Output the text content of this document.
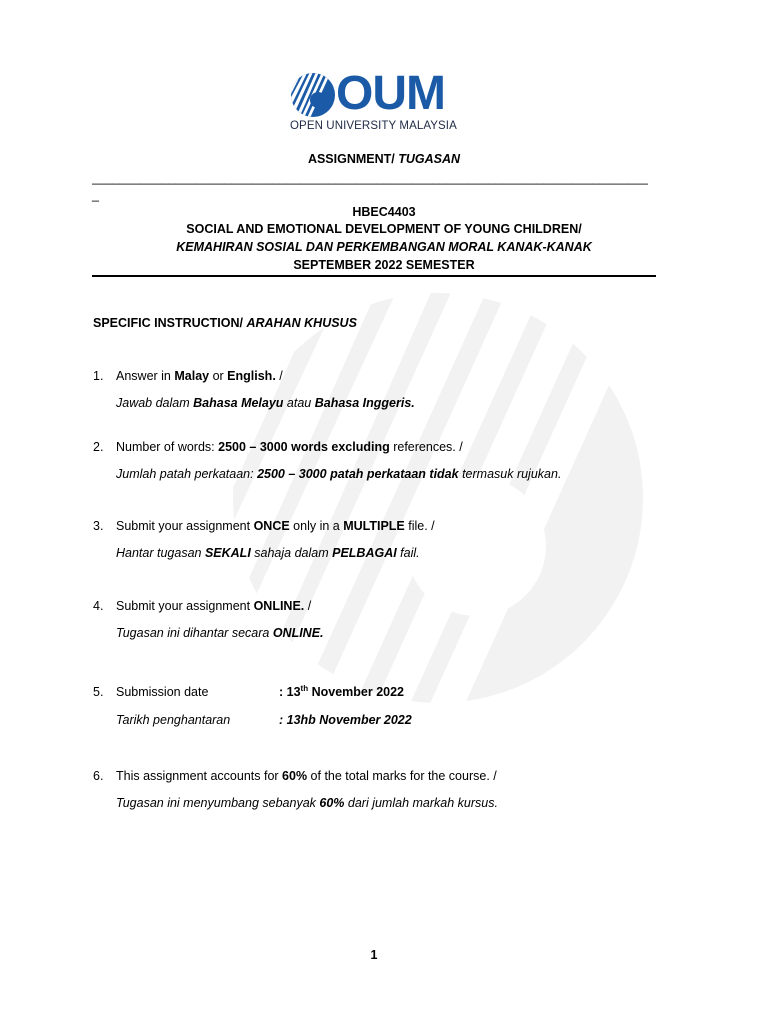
OUM
OPEN UNIVERSITY MALAYSIA
ASSIGNMENT/ TUGASAN
________________________________________________________________________________
_
HBEC4403
SOCIAL AND EMOTIONAL DEVELOPMENT OF YOUNG CHILDREN/
KEMAHIRAN SOSIAL DAN PERKEMBANGAN MORAL KANAK-KANAK
SEPTEMBER 2022 SEMESTER
SPECIFIC INSTRUCTION/ ARAHAN KHUSUS
1. Answer in Malay or English. /
Jawab dalam Bahasa Melayu atau Bahasa Inggeris.
2. Number of words: 2500 – 3000 words excluding references. /
Jumlah patah perkataan: 2500 – 3000 patah perkataan tidak termasuk rujukan.
3. Submit your assignment ONCE only in a MULTIPLE file. /
Hantar tugasan SEKALI sahaja dalam PELBAGAI fail.
4. Submit your assignment ONLINE. /
Tugasan ini dihantar secara ONLINE.
5. Submission date	: 13th November 2022
Tarikh penghantaran	: 13hb November 2022
6. This assignment accounts for 60% of the total marks for the course. /
Tugasan ini menyumbang sebanyak 60% dari jumlah markah kursus.
1
